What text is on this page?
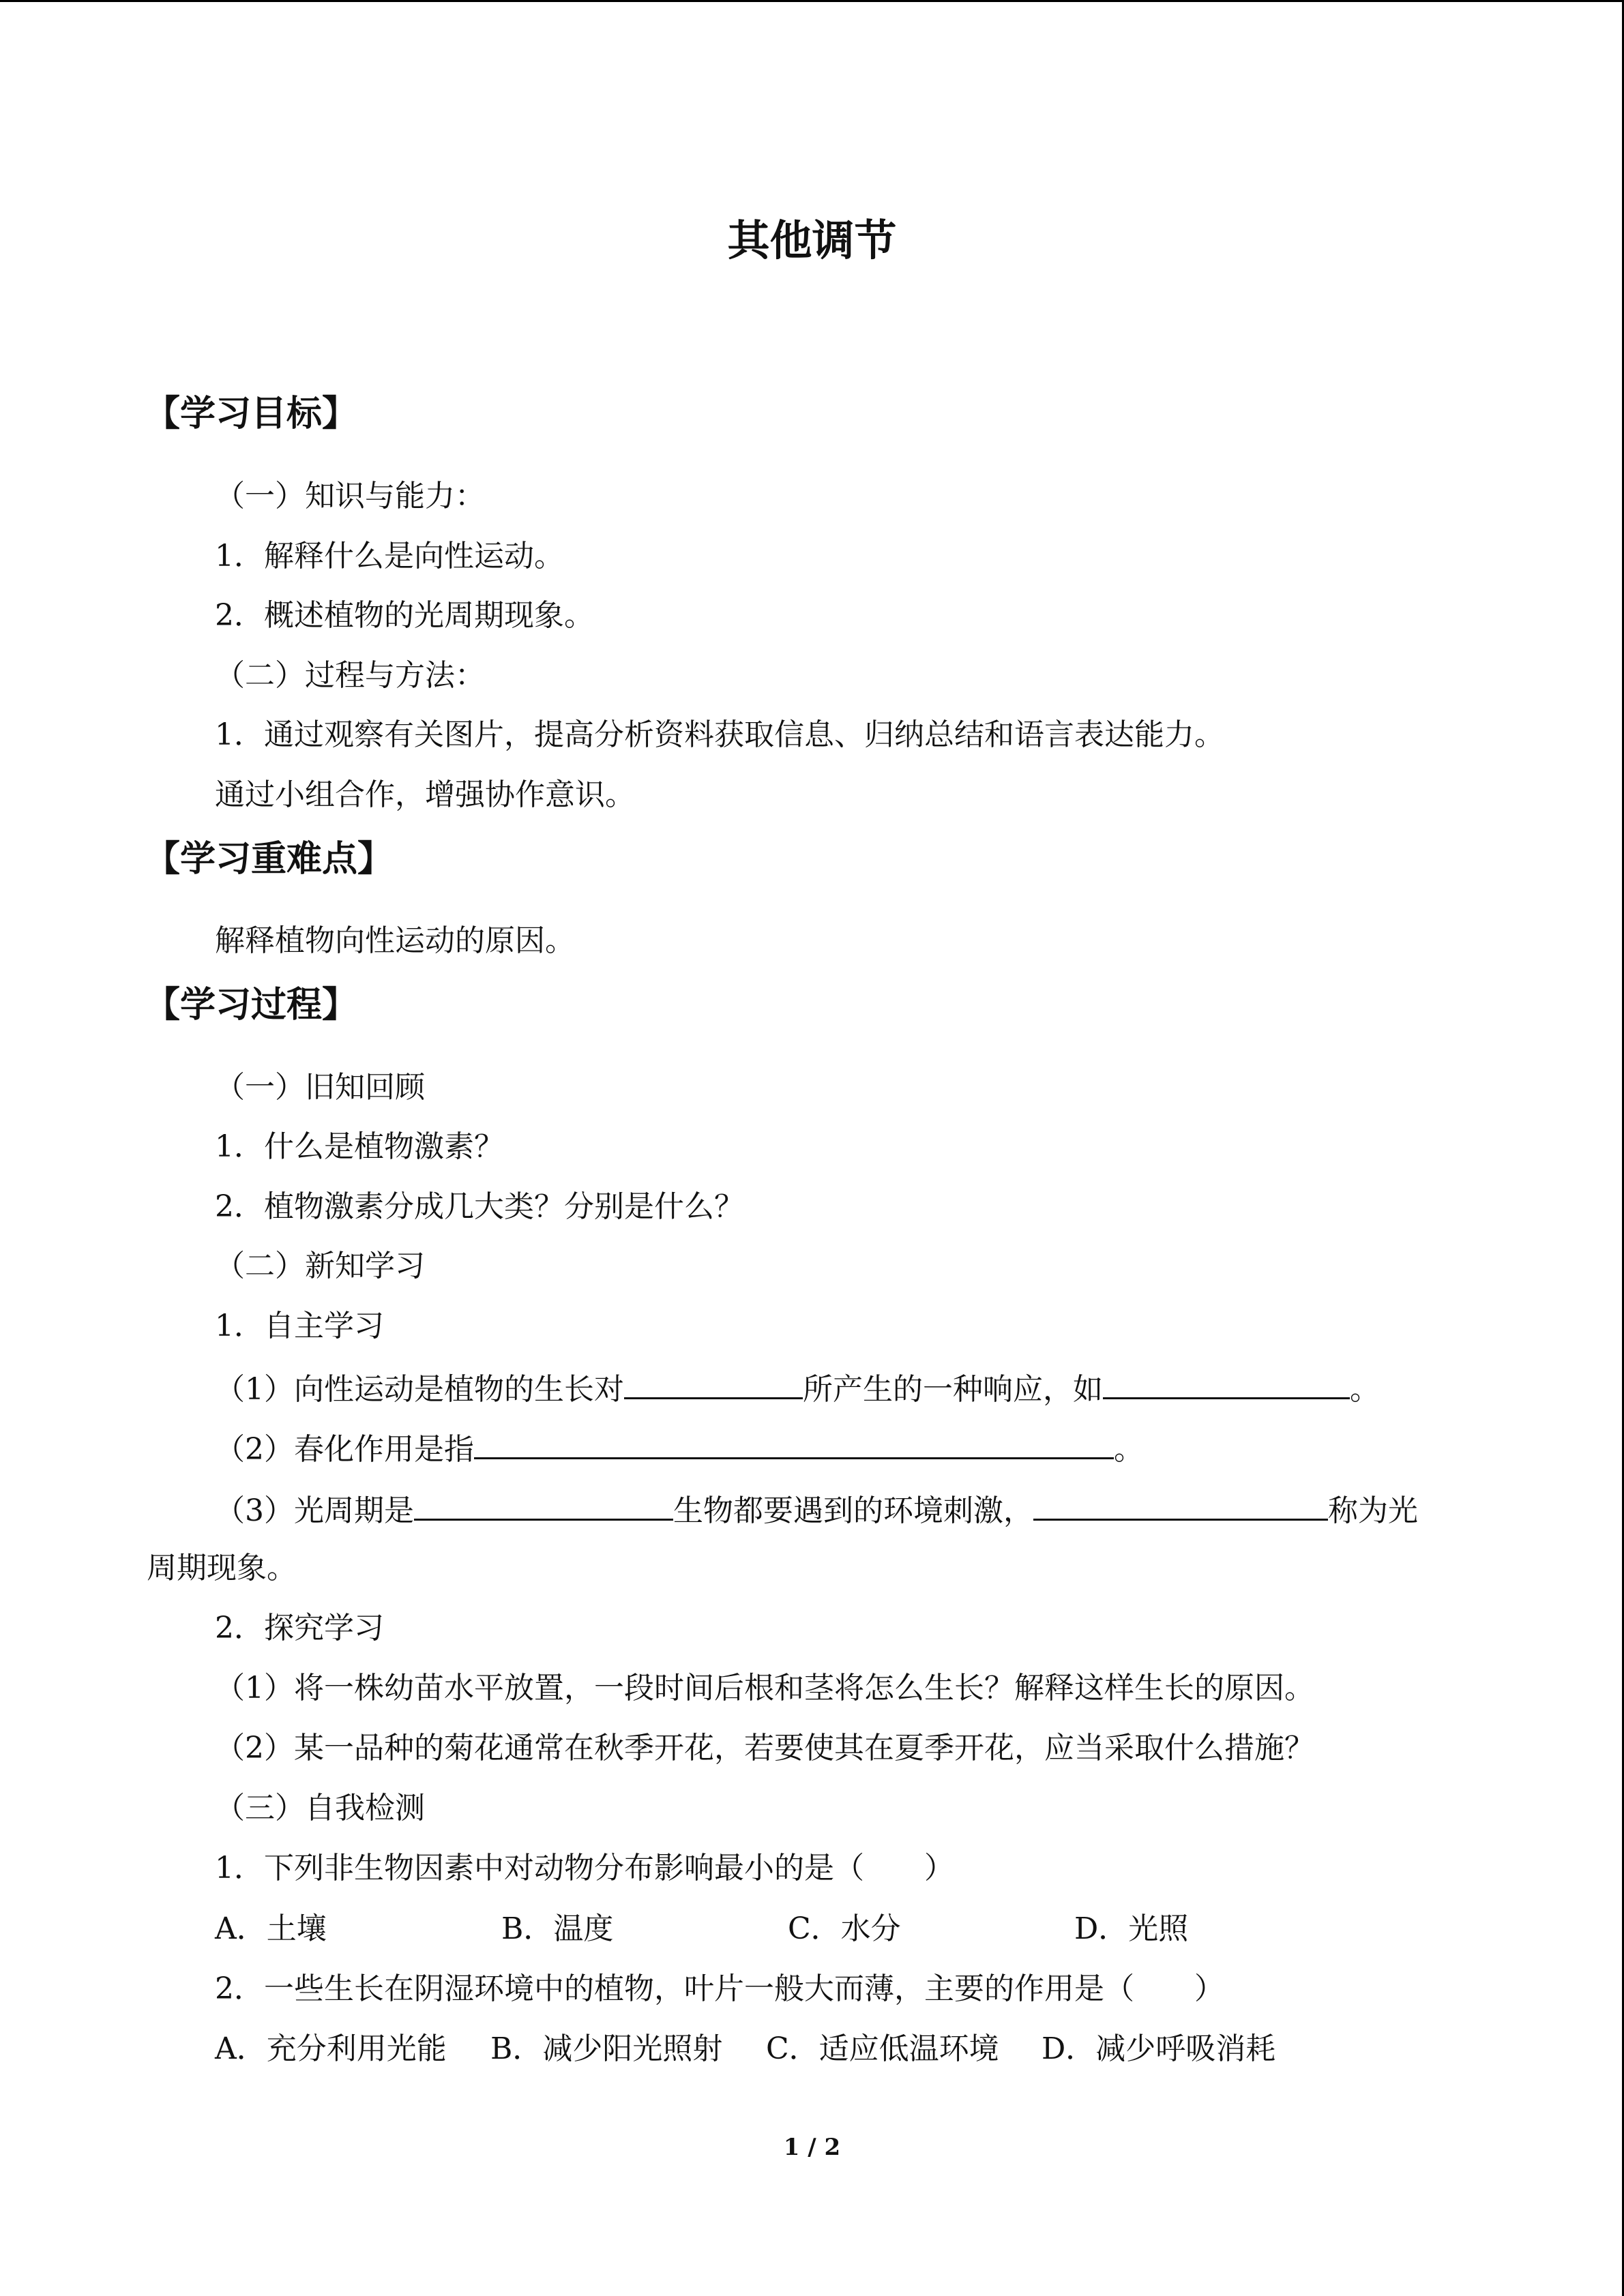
其他调节
【学习目标】
（一）知识与能力：
1．解释什么是向性运动。
2．概述植物的光周期现象。
（二）过程与方法：
1．通过观察有关图片，提高分析资料获取信息、归纳总结和语言表达能力。
通过小组合作，增强协作意识。
【学习重难点】
解释植物向性运动的原因。
【学习过程】
（一）旧知回顾
1．什么是植物激素？
2．植物激素分成几大类？分别是什么？
（二）新知学习
1．自主学习
（1）向性运动是植物的生长对	所产生的一种响应，如	。
（2）春化作用是指	。
（3）光周期是	生物都要遇到的环境刺激，	称为光
周期现象。
2．探究学习
（1）将一株幼苗水平放置，一段时间后根和茎将怎么生长？解释这样生长的原因。
（2）某一品种的菊花通常在秋季开花，若要使其在夏季开花，应当采取什么措施？
（三）自我检测
1．下列非生物因素中对动物分布影响最小的是（　　）
A．土壤	B．温度	C．水分	D．光照
2．一些生长在阴湿环境中的植物，叶片一般大而薄，主要的作用是（　　）
A．充分利用光能 B．减少阳光照射 C．适应低温环境 D．减少呼吸消耗
1 / 2
